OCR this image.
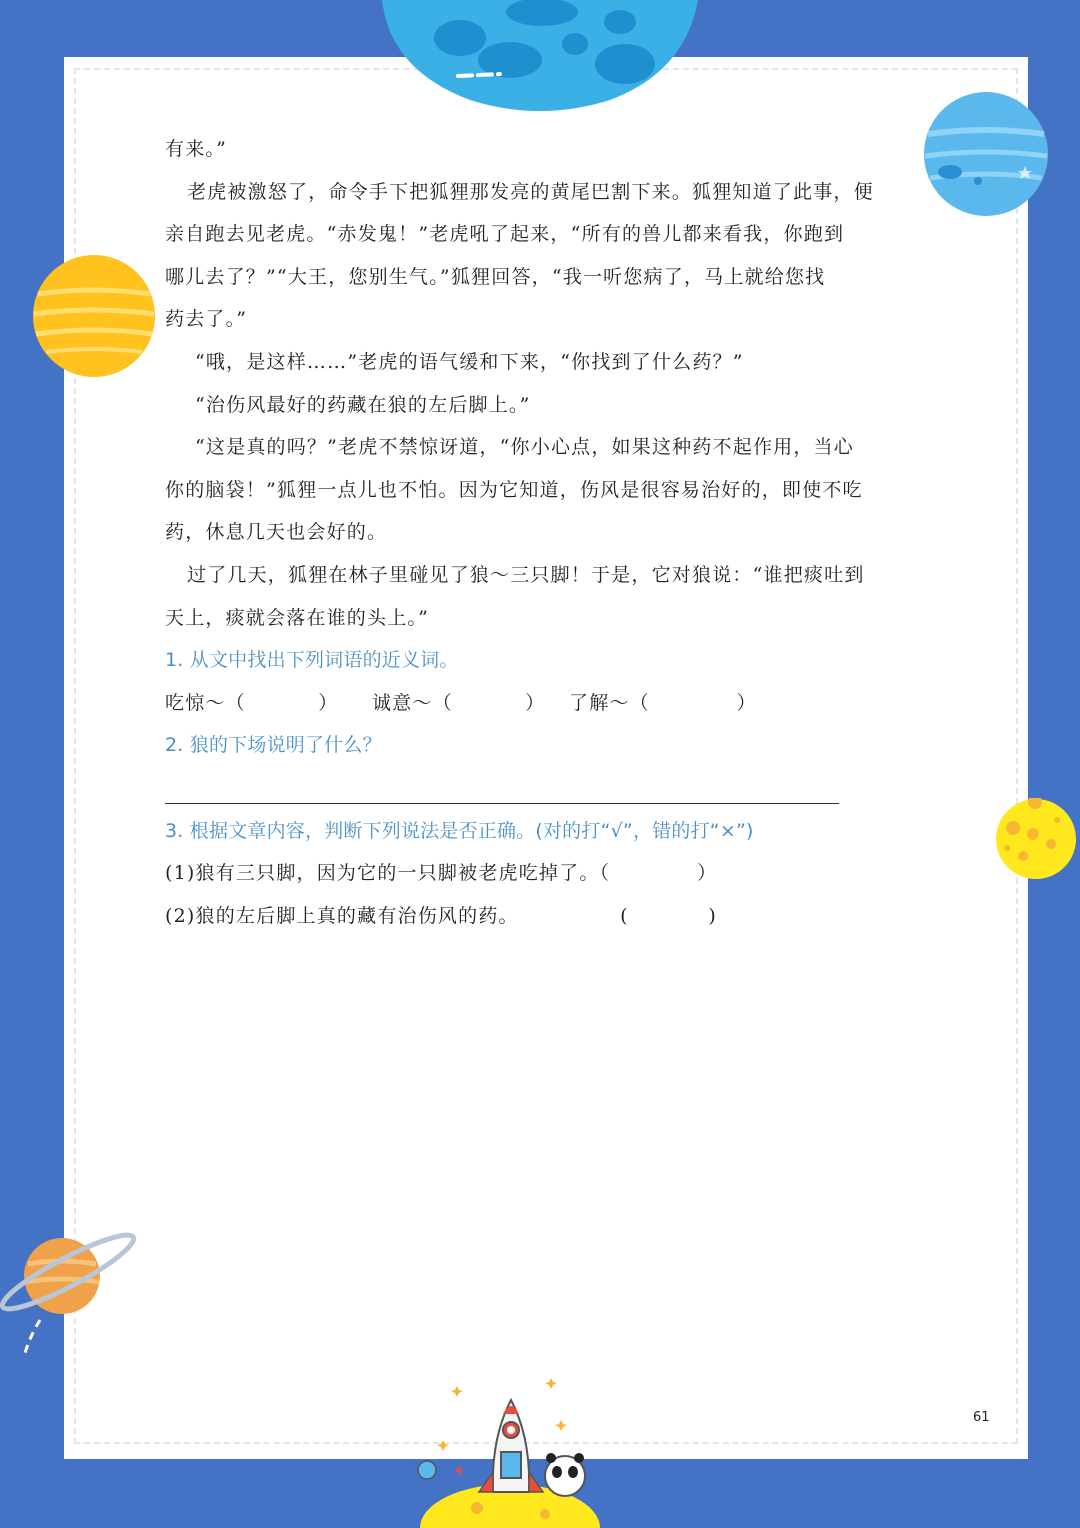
有来。”
老虎被激怒了，命令手下把狐狸那发亮的黄尾巴割下来。狐狸知道了此事，便
亲自跑去见老虎。“赤发鬼！”老虎吼了起来，“所有的兽儿都来看我，你跑到
哪儿去了？”“大王，您别生气。”狐狸回答，“我一听您病了，马上就给您找
药去了。”
“哦，是这样……”老虎的语气缓和下来，“你找到了什么药？”
“治伤风最好的药藏在狼的左后脚上。”
“这是真的吗？”老虎不禁惊讶道，“你小心点，如果这种药不起作用，当心
你的脑袋！”狐狸一点儿也不怕。因为它知道，伤风是很容易治好的，即使不吃
药，休息几天也会好的。
过了几天，狐狸在林子里碰见了狼～三只脚！于是，它对狼说：“谁把痰吐到
天上，痰就会落在谁的头上。”
1. 从文中找出下列词语的近义词。
吃惊～（          ）	诚意～（          ）	了解～（            ）
2. 狼的下场说明了什么？
3. 根据文章内容，判断下列说法是否正确。(对的打“√”，错的打“×”)
(1)狼有三只脚，因为它的一只脚被老虎吃掉了。（            ）
(2)狼的左后脚上真的藏有治伤风的药。              (           )
61
